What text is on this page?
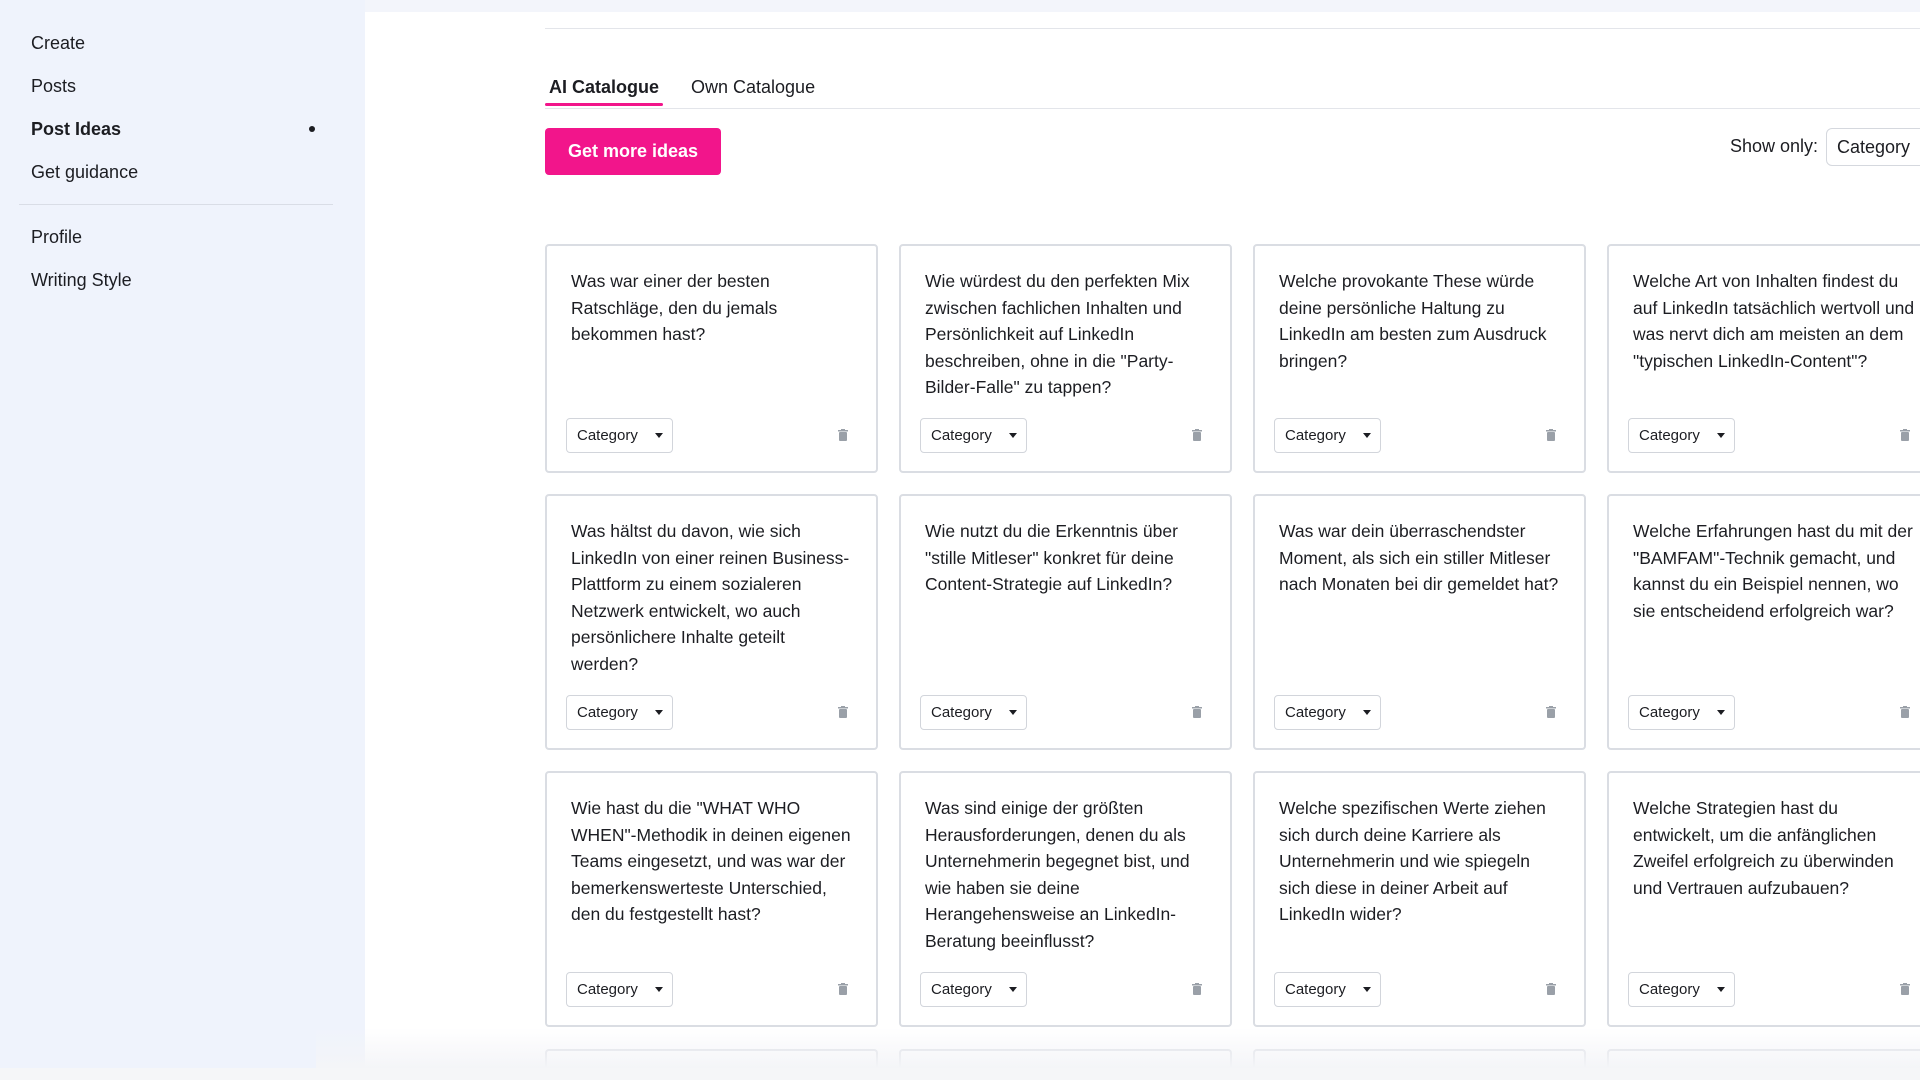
Create
Posts
Post Ideas
Get guidance
Profile
Writing Style
AI Catalogue Own Catalogue
Get more ideas	Show only:	Category
Was war einer der besten Ratschläge, den du jemals bekommen hast?
Category
Wie würdest du den perfekten Mix zwischen fachlichen Inhalten und Persönlichkeit auf LinkedIn beschreiben, ohne in die "Party-Bilder-Falle" zu tappen?
Category
Welche provokante These würde deine persönliche Haltung zu LinkedIn am besten zum Ausdruck bringen?
Category
Welche Art von Inhalten findest du auf LinkedIn tatsächlich wertvoll und was nervt dich am meisten an dem "typischen LinkedIn-Content"?
Category
Was hältst du davon, wie sich LinkedIn von einer reinen Business-Plattform zu einem sozialeren Netzwerk entwickelt, wo auch persönlichere Inhalte geteilt werden?
Category
Wie nutzt du die Erkenntnis über "stille Mitleser" konkret für deine Content-Strategie auf LinkedIn?
Category
Was war dein überraschendster Moment, als sich ein stiller Mitleser nach Monaten bei dir gemeldet hat?
Category
Welche Erfahrungen hast du mit der "BAMFAM"-Technik gemacht, und kannst du ein Beispiel nennen, wo sie entscheidend erfolgreich war?
Category
Wie hast du die "WHAT WHO WHEN"-Methodik in deinen eigenen Teams eingesetzt, und was war der bemerkenswerteste Unterschied, den du festgestellt hast?
Category
Was sind einige der größten Herausforderungen, denen du als Unternehmerin begegnet bist, und wie haben sie deine Herangehensweise an LinkedIn-Beratung beeinflusst?
Category
Welche spezifischen Werte ziehen sich durch deine Karriere als Unternehmerin und wie spiegeln sich diese in deiner Arbeit auf LinkedIn wider?
Category
Welche Strategien hast du entwickelt, um die anfänglichen Zweifel erfolgreich zu überwinden und Vertrauen aufzubauen?
Category
